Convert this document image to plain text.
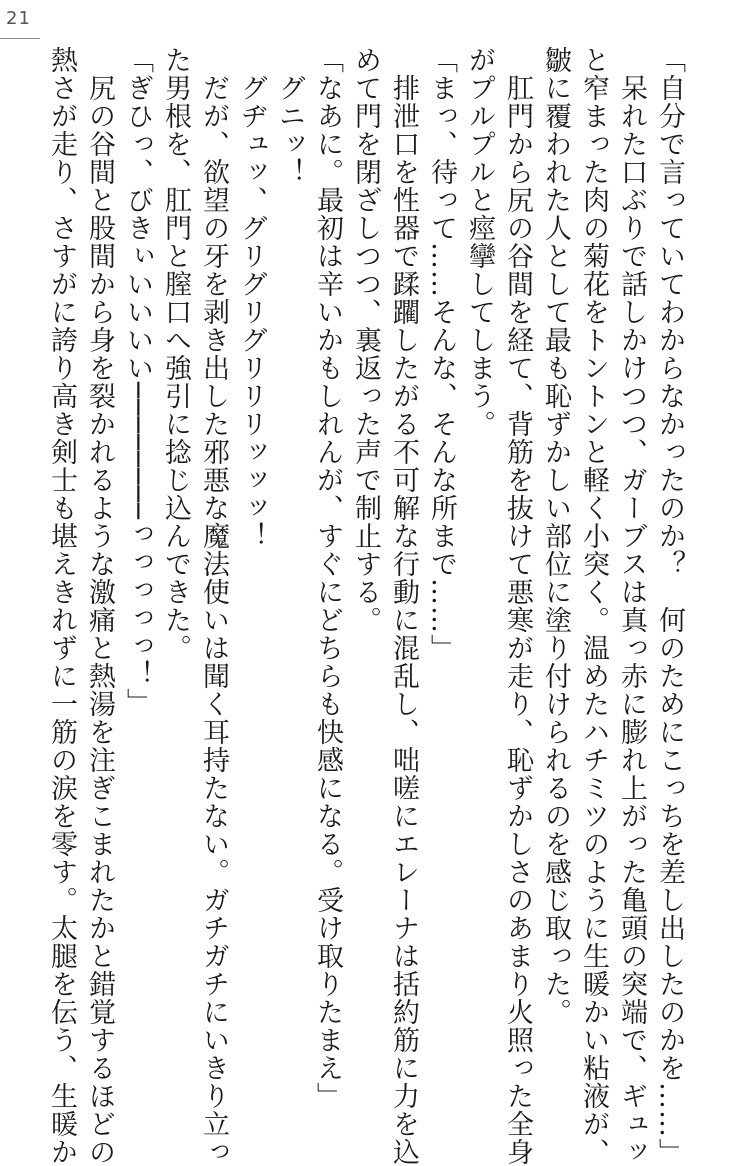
21
「自分で言っていてわからなかったのか？　何のためにこっちを差し出したのかを……」
　呆れた口ぶりで話しかけつつ、ガーブスは真っ赤に膨れ上がった亀頭の突端で、ギュッ
と窄まった肉の菊花をトントンと軽く小突く。温めたハチミツのように生暖かい粘液が、
皺に覆われた人として最も恥ずかしい部位に塗り付けられるのを感じ取った。
　肛門から尻の谷間を経て、背筋を抜けて悪寒が走り、恥ずかしさのあまり火照った全身
がプルプルと痙攣してしまう。
「まっ、待って……そんな、そんな所まで……」
　排泄口を性器で蹂躙したがる不可解な行動に混乱し、咄嗟にエレーナは括約筋に力を込
めて門を閉ざしつつ、裏返った声で制止する。
「なあに。最初は辛いかもしれんが、すぐにどちらも快感になる。受け取りたまえ」
　グニッ！
　グヂュッ、グリグリグリリリッッッ！
　だが、欲望の牙を剥き出した邪悪な魔法使いは聞く耳持たない。ガチガチにいきり立っ
た男根を、肛門と膣口へ強引に捻じ込んできた。
「ぎひっ、びきぃいいいい────────っっっっっ！」
　尻の谷間と股間から身を裂かれるような激痛と熱湯を注ぎこまれたかと錯覚するほどの
熱さが走り、さすがに誇り高き剣士も堪えきれずに一筋の涙を零す。太腿を伝う、生暖か
